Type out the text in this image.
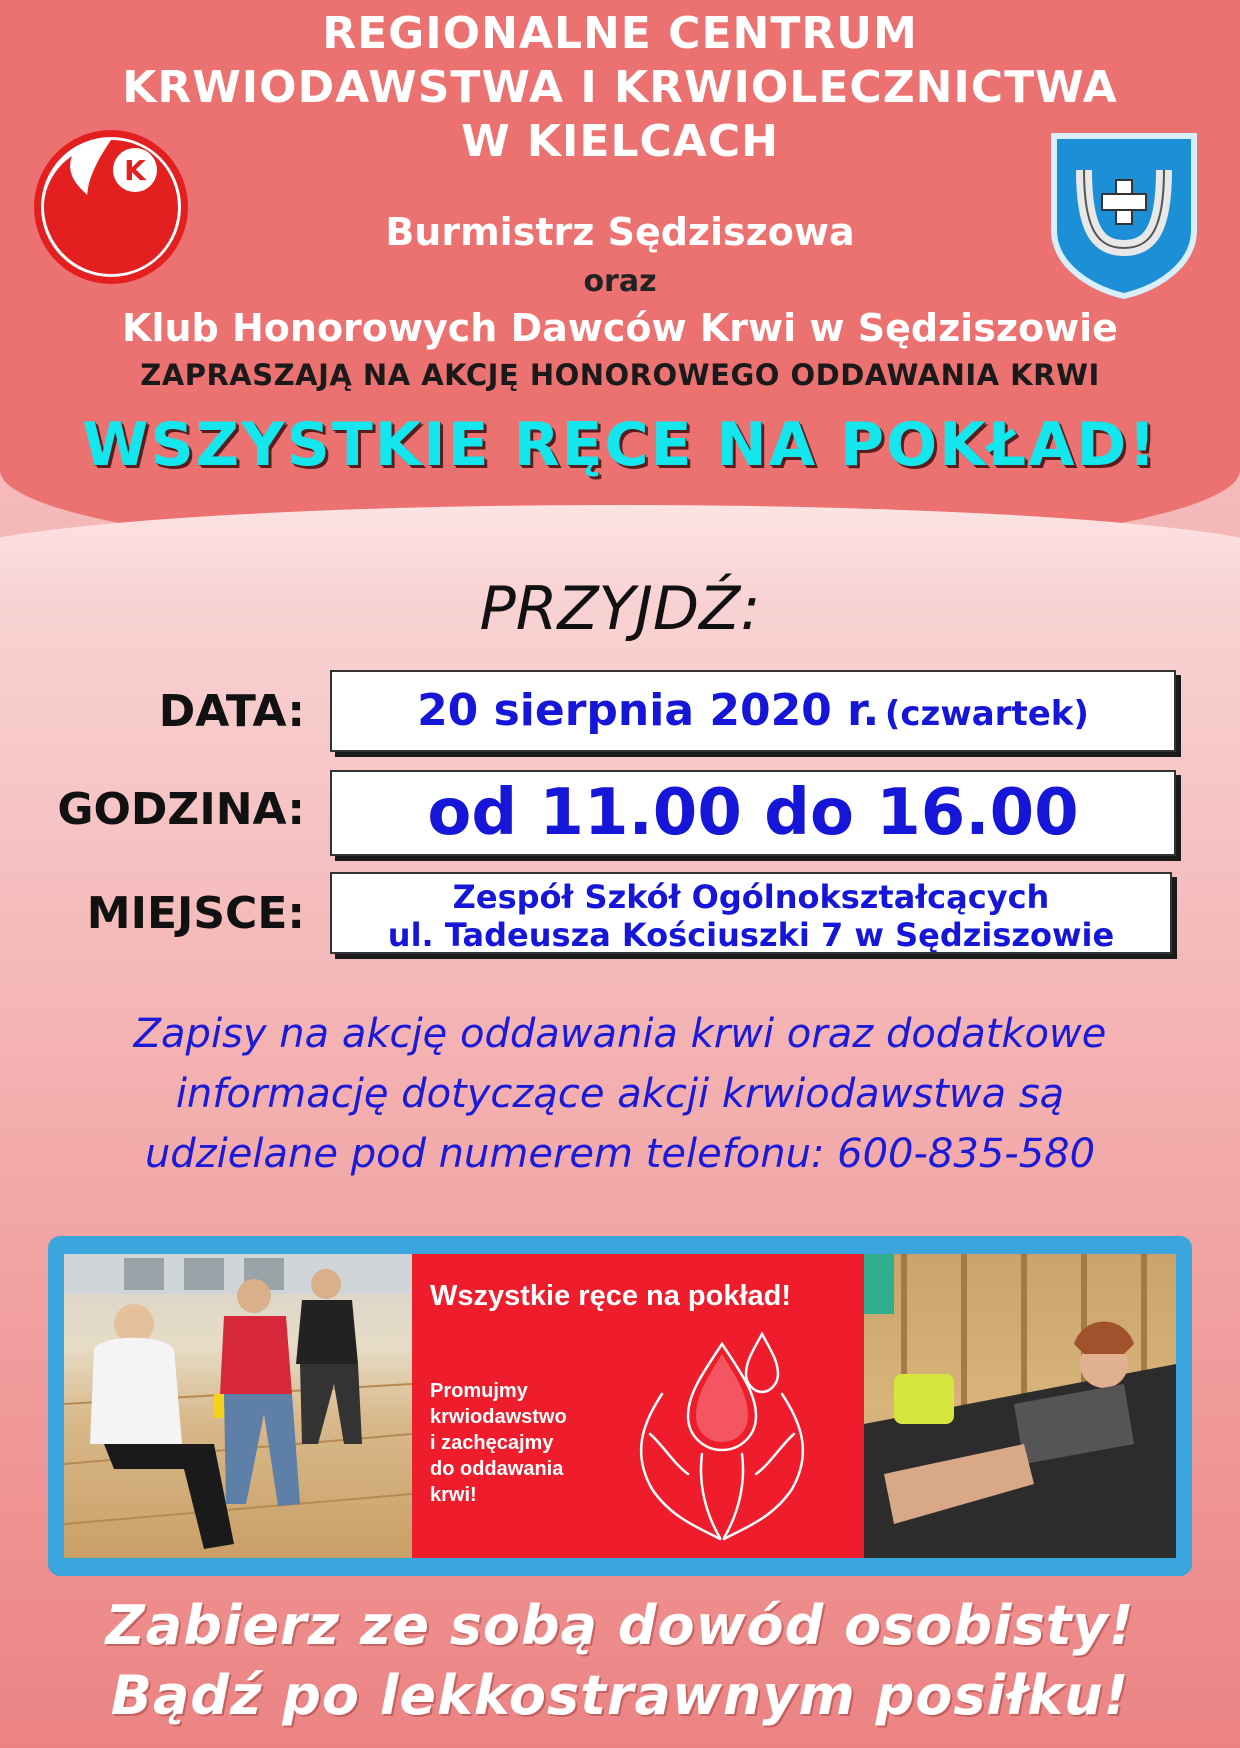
REGIONALNE CENTRUM
KRWIODAWSTWA I KRWIOLECZNICTWA
W KIELCACH
K
Burmistrz Sędziszowa
oraz
Klub Honorowych Dawców Krwi w Sędziszowie
ZAPRASZAJĄ NA AKCJĘ HONOROWEGO ODDAWANIA KRWI
WSZYSTKIE RĘCE NA POKŁAD!
PRZYJDŹ:
DATA:	20 sierpnia 2020 r. (czwartek)
GODZINA:	od 11.00 do 16.00
MIEJSCE:	Zespół Szkół Ogólnokształcących
ul. Tadeusza Kościuszki 7 w Sędziszowie
Zapisy na akcję oddawania krwi oraz dodatkowe
informację dotyczące akcji krwiodawstwa są
udzielane pod numerem telefonu: 600-835-580
Wszystkie ręce na pokład!
Promujmy
krwiodawstwo
i zachęcajmy
do oddawania
krwi!
Zabierz ze sobą dowód osobisty!
Bądź po lekkostrawnym posiłku!
